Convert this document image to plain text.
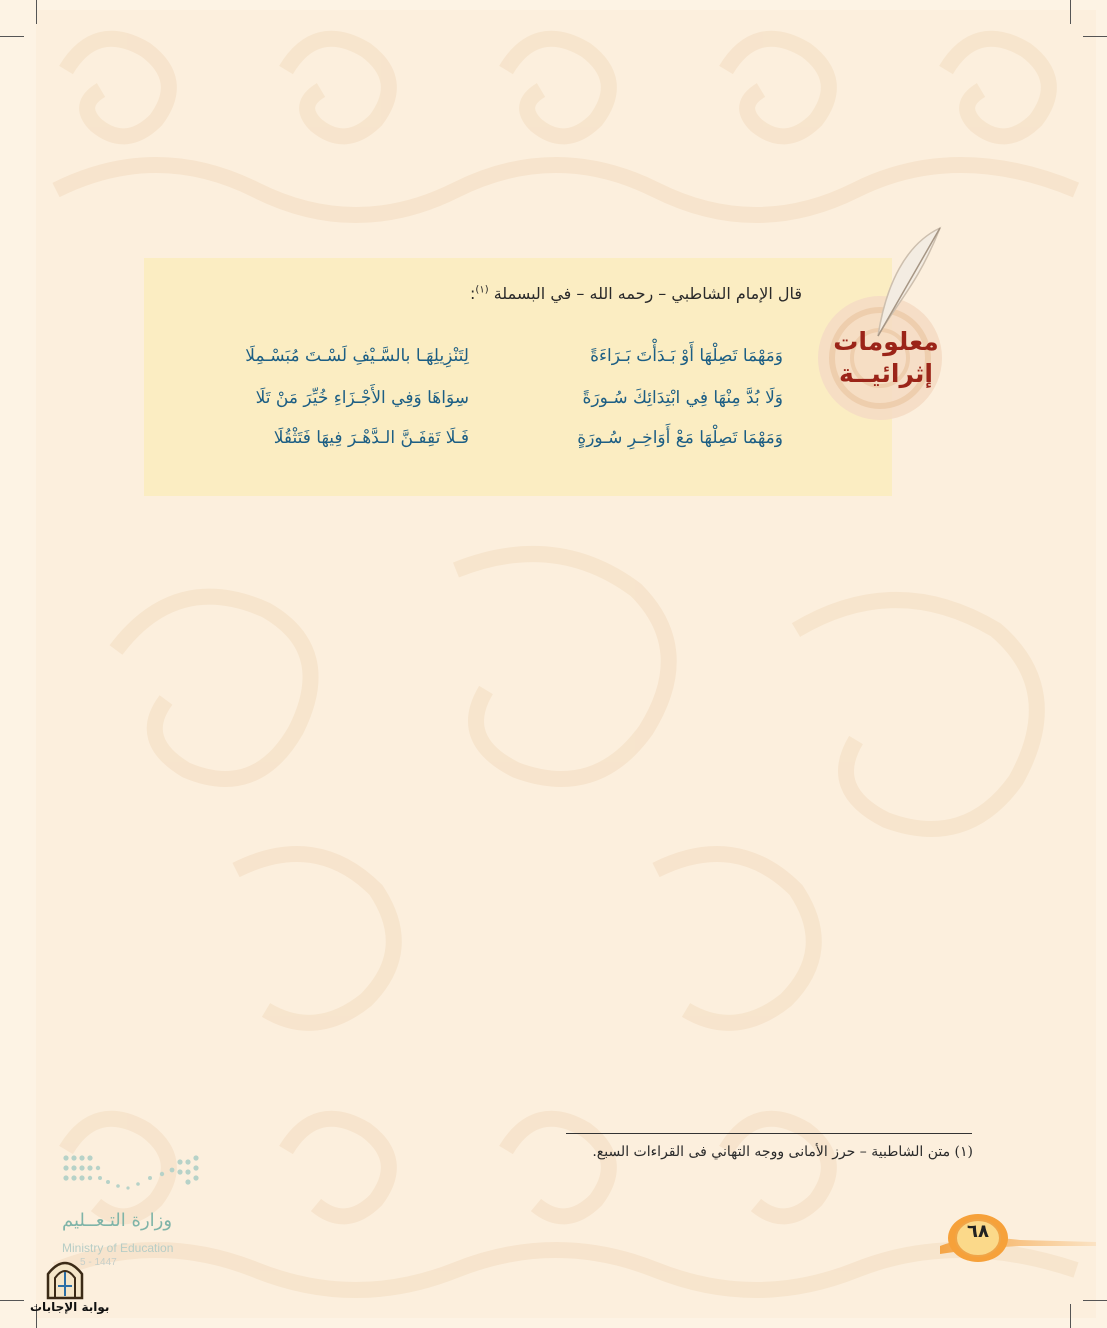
قال الإمام الشاطبي – رحمه الله – في البسملة $^{(١)}$:
وَمَهْمَا تَصِلْهَا أَوْ بَـدَأْتَ بَـرَاءَةً
لِتَنْزِيلِهَـا بالسَّـيْفِ لَسْـتَ مُبَسْـمِلَا
وَلَا بُدَّ مِنْهَا فِي ابْتِدَائِكَ سُـورَةً
سِوَاهَا وَفِي الأَجْـزَاءِ خُيِّرَ مَنْ تَلَا
وَمَهْمَا تَصِلْهَا مَعْ أَوَاخِـرِ سُـورَةٍ
فَـلَا تَقِفَـنَّ الـدَّهْـرَ فِيهَا فَتَثْقُلَا
معلومات
إثرائيــة
(١) متن الشاطبية – حرز الأمانى ووجه التهاني فى القراءات السبع.
٦٨
وزارة التـعــليم
Ministry of Education
5 - 1447
بوابة الإجابات
